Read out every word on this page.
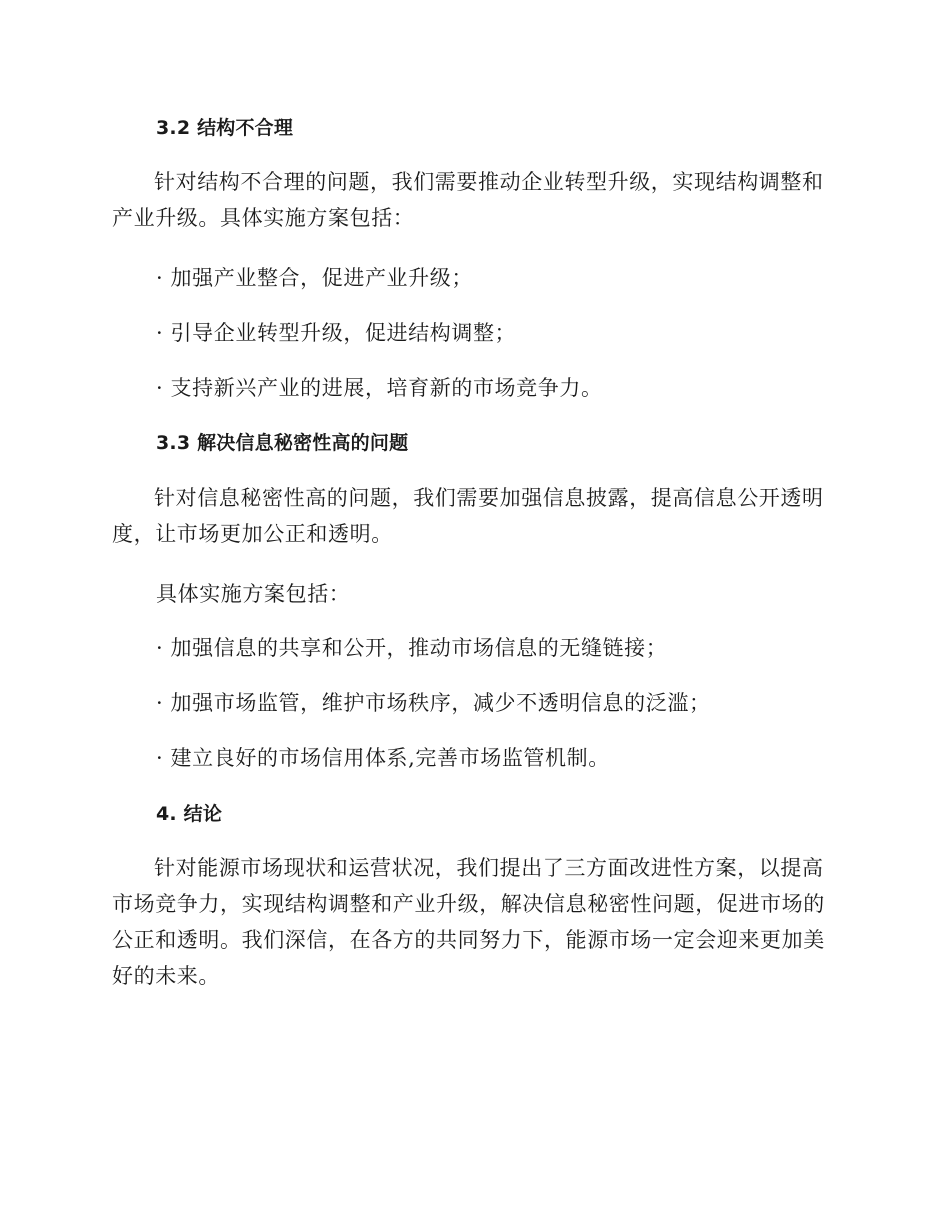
3.2 结构不合理

针对结构不合理的问题，我们需要推动企业转型升级，实现结构调整和产业升级。具体实施方案包括：

· 加强产业整合，促进产业升级；

· 引导企业转型升级，促进结构调整；

· 支持新兴产业的进展，培育新的市场竞争力。

3.3 解决信息秘密性高的问题

针对信息秘密性高的问题，我们需要加强信息披露，提高信息公开透明度，让市场更加公正和透明。

具体实施方案包括：

· 加强信息的共享和公开，推动市场信息的无缝链接；

· 加强市场监管，维护市场秩序，减少不透明信息的泛滥；

· 建立良好的市场信用体系,完善市场监管机制。

4. 结论

针对能源市场现状和运营状况，我们提出了三方面改进性方案，以提高市场竞争力，实现结构调整和产业升级，解决信息秘密性问题，促进市场的公正和透明。我们深信，在各方的共同努力下，能源市场一定会迎来更加美好的未来。
